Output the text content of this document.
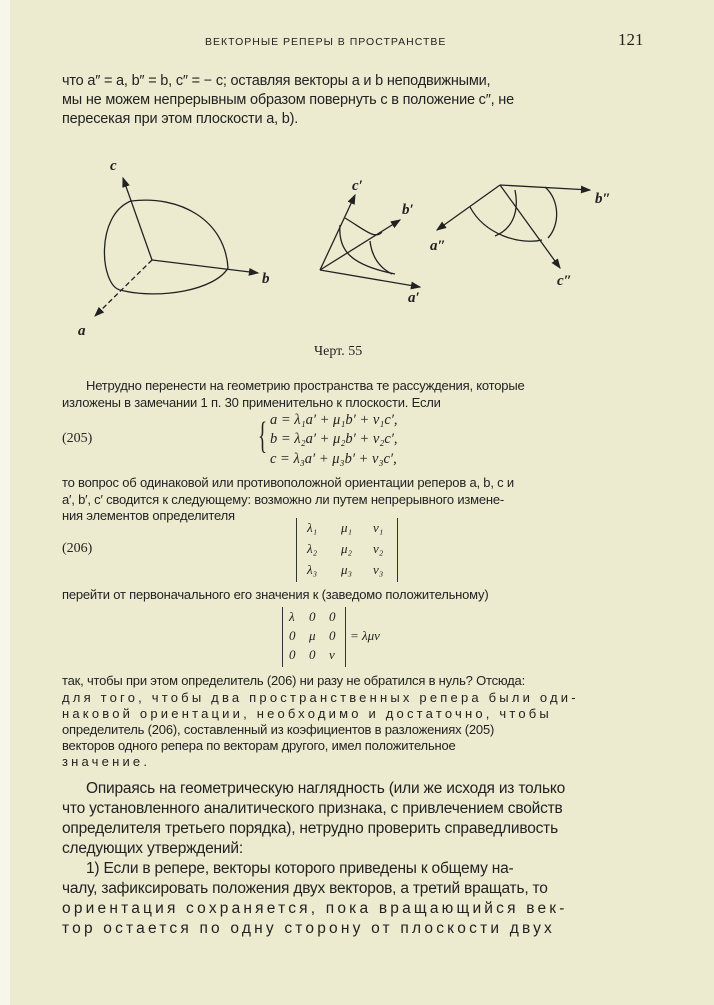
ВЕКТОРНЫЕ РЕПЕРЫ В ПРОСТРАНСТВЕ	121
что a″ = a, b″ = b, c″ = − c; оставляя векторы a и b неподвижными,
мы не можем непрерывным образом повернуть c в положение c″, не
пересекая при этом плоскости a, b).
c
b
a
c′
b′
a′
a″
b″
c″
Черт. 55
Нетрудно перенести на геометрию пространства те рассуждения, которые
изложены в замечании 1 п. 30 применительно к плоскости. Если
(205)	{ a = λ₁a′ + μ₁b′ + ν₁c′,
b = λ₂a′ + μ₂b′ + ν₂c′,
c = λ₃a′ + μ₃b′ + ν₃c′,
то вопрос об одинаковой или противоположной ориентации реперов a, b, c и
a′, b′, c′ сводится к следующему: возможно ли путем непрерывного измене-
ния элементов определителя
(206)
λ₁ μ₁ ν₁
λ₂ μ₂ ν₂
λ₃ μ₃ ν₃
перейти от первоначального его значения к (заведомо положительному)
λ 0 0
0 μ 0
0 0 ν
= λμν
так, чтобы при этом определитель (206) ни разу не обратился в нуль? Отсюда:
для того, чтобы два пространственных репера были оди-
наковой ориентации, необходимо и достаточно, чтобы
определитель (206), составленный из коэфициентов в разложениях (205)
векторов одного репера по векторам другого, имел положительное
значение.
Опираясь на геометрическую наглядность (или же исходя из только
что установленного аналитического признака, с привлечением свойств
определителя третьего порядка), нетрудно проверить справедливость
следующих утверждений:
1) Если в репере, векторы которого приведены к общему на-
чалу, зафиксировать положения двух векторов, а третий вращать, то
ориентация сохраняется, пока вращающийся век-
тор остается по одну сторону от плоскости двух
